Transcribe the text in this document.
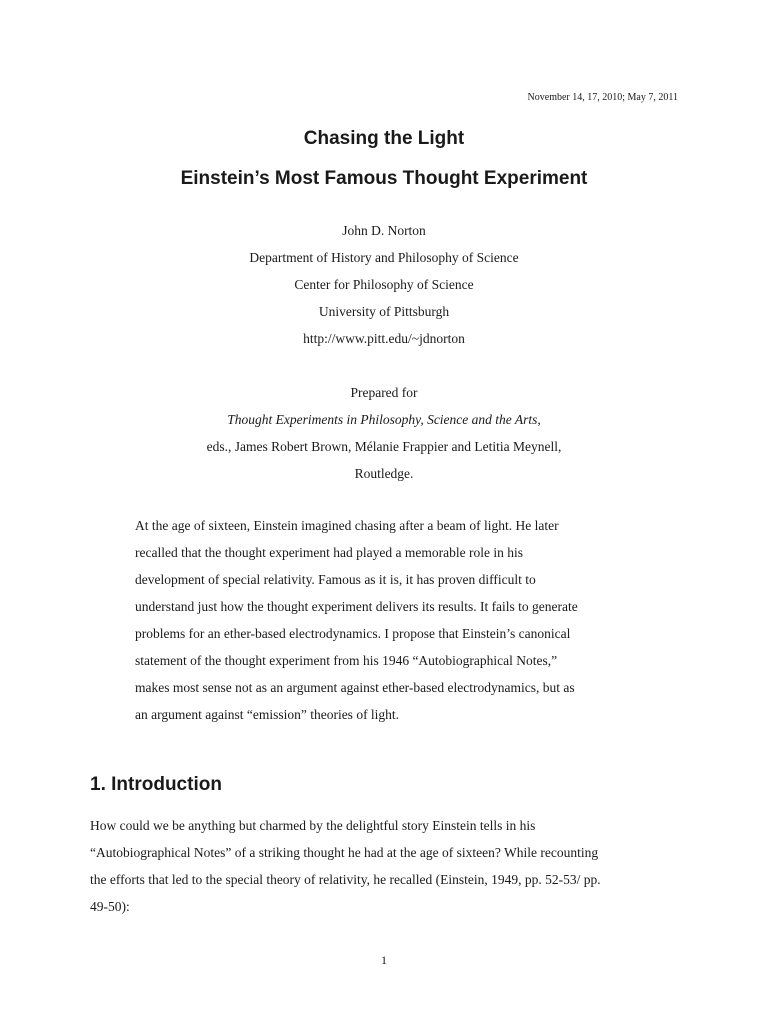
November 14, 17, 2010; May 7, 2011
Chasing the Light
Einstein’s Most Famous Thought Experiment
John D. Norton
Department of History and Philosophy of Science
Center for Philosophy of Science
University of Pittsburgh
http://www.pitt.edu/~jdnorton
Prepared for
Thought Experiments in Philosophy, Science and the Arts,
eds., James Robert Brown, Mélanie Frappier and Letitia Meynell,
Routledge.
At the age of sixteen, Einstein imagined chasing after a beam of light. He later
recalled that the thought experiment had played a memorable role in his
development of special relativity. Famous as it is, it has proven difficult to
understand just how the thought experiment delivers its results. It fails to generate
problems for an ether-based electrodynamics. I propose that Einstein’s canonical
statement of the thought experiment from his 1946 “Autobiographical Notes,”
makes most sense not as an argument against ether-based electrodynamics, but as
an argument against “emission” theories of light.
1. Introduction
How could we be anything but charmed by the delightful story Einstein tells in his
“Autobiographical Notes” of a striking thought he had at the age of sixteen? While recounting
the efforts that led to the special theory of relativity, he recalled (Einstein, 1949, pp. 52-53/ pp.
49-50):
1
